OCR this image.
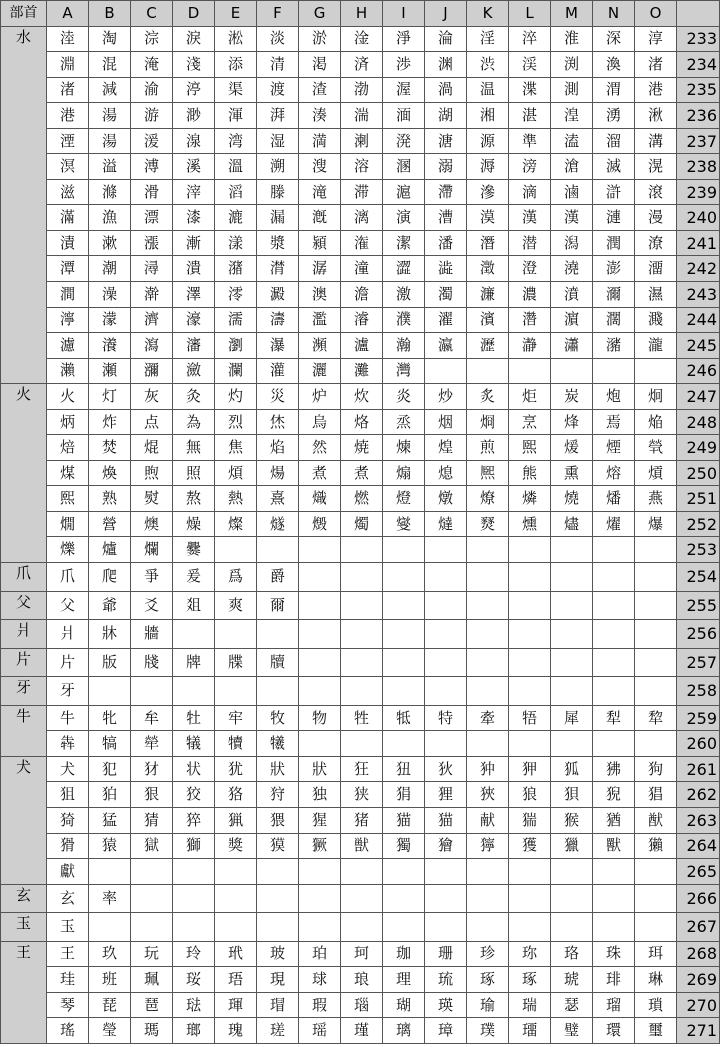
部首	A	B	C	D	E	F	G	H	I	J	K	L	M	N	O	
水	淕	淘	淙	淚	淞	淡	淤	淦	淨	淪	淫	淬	淮	深	淳	233
	淵	混	淹	淺	添	清	渇	済	渉	渊	渋	渓	渕	渙	渚	234
	渚	減	渝	渟	渠	渡	渣	渤	渥	渦	温	渫	測	渭	港	235
	港	湯	游	渺	渾	湃	湊	湍	湎	湖	湘	湛	湟	湧	湫	236
	湮	湯	湲	湶	湾	湿	満	溂	溌	溏	源	準	溘	溜	溝	237
	溟	溢	溥	溪	溫	溯	溲	溶	溷	溺	溽	滂	滄	滅	滉	238
	滋	滌	滑	滓	滔	滕	滝	滞	滬	滯	滲	滴	滷	滸	滾	239
	滿	漁	漂	漆	漉	漏	漑	漓	演	漕	漠	漢	漢	漣	漫	240
	漬	漱	漲	漸	漾	漿	潁	潅	潔	潘	潛	潜	潟	潤	潦	241
	潭	潮	潯	潰	潴	潸	潺	潼	澀	澁	澂	澄	澆	澎	澑	242
	澗	澡	澣	澤	澪	澱	澳	澹	激	濁	濂	濃	濆	濔	濕	243
	濘	濛	濟	濠	濡	濤	濫	濬	濮	濯	濱	濳	濵	濶	濺	244
	濾	瀁	瀉	瀋	瀏	瀑	瀕	瀘	瀚	瀛	瀝	瀞	瀟	瀦	瀧	245
	瀨	瀬	瀰	瀲	瀾	灌	灑	灘	灣							246
火	火	灯	灰	灸	灼	災	炉	炊	炎	炒	炙	炬	炭	炮	炯	247
	炳	炸	点	為	烈	烋	烏	烙	烝	烟	烱	烹	烽	焉	焔	248
	焙	焚	焜	無	焦	焰	然	焼	煉	煌	煎	煕	煖	煙	煢	249
	煤	煥	煦	照	煩	煬	煮	煮	煽	熄	熈	熊	熏	熔	熕	250
	熙	熟	熨	熬	熱	熹	熾	燃	燈	燉	燎	燐	燒	燔	燕	251
	燗	營	燠	燥	燦	燧	燬	燭	燮	燵	燹	燻	燼	燿	爆	252
	爍	爐	爛	爨												253
爪	爪	爬	爭	爰	爲	爵										254
父	父	爺	爻	爼	爽	爾										255
爿	爿	牀	牆													256
片	片	版	牋	牌	牒	牘										257
牙	牙															258
牛	牛	牝	牟	牡	牢	牧	物	牲	牴	特	牽	牾	犀	犁	犂	259
	犇	犒	犖	犠	犢	犧										260
犬	犬	犯	犲	状	犹	狀	狀	狂	狃	狄	狆	狎	狐	狒	狗	261
	狙	狛	狠	狡	狢	狩	独	狭	狷	狸	狹	狼	狽	猊	猖	262
	猗	猛	猜	猝	猟	猥	猩	猪	猫	猫	献	猯	猴	猶	猷	263
	猾	猿	獄	獅	獎	獏	獗	獣	獨	獪	獰	獲	獵	獸	獺	264
	獻															265
玄	玄	率														266
玉	玉															267
王	王	玖	玩	玲	玳	玻	珀	珂	珈	珊	珍	珎	珞	珠	珥	268
	珪	班	珮	珱	珸	現	球	琅	理	琉	琢	琢	琥	琲	琳	269
	琴	琵	琶	琺	琿	瑁	瑕	瑙	瑚	瑛	瑜	瑞	瑟	瑠	瑣	270
	瑤	瑩	瑪	瑯	瑰	瑳	瑶	瑾	璃	璋	璞	璢	璧	環	璽	271
